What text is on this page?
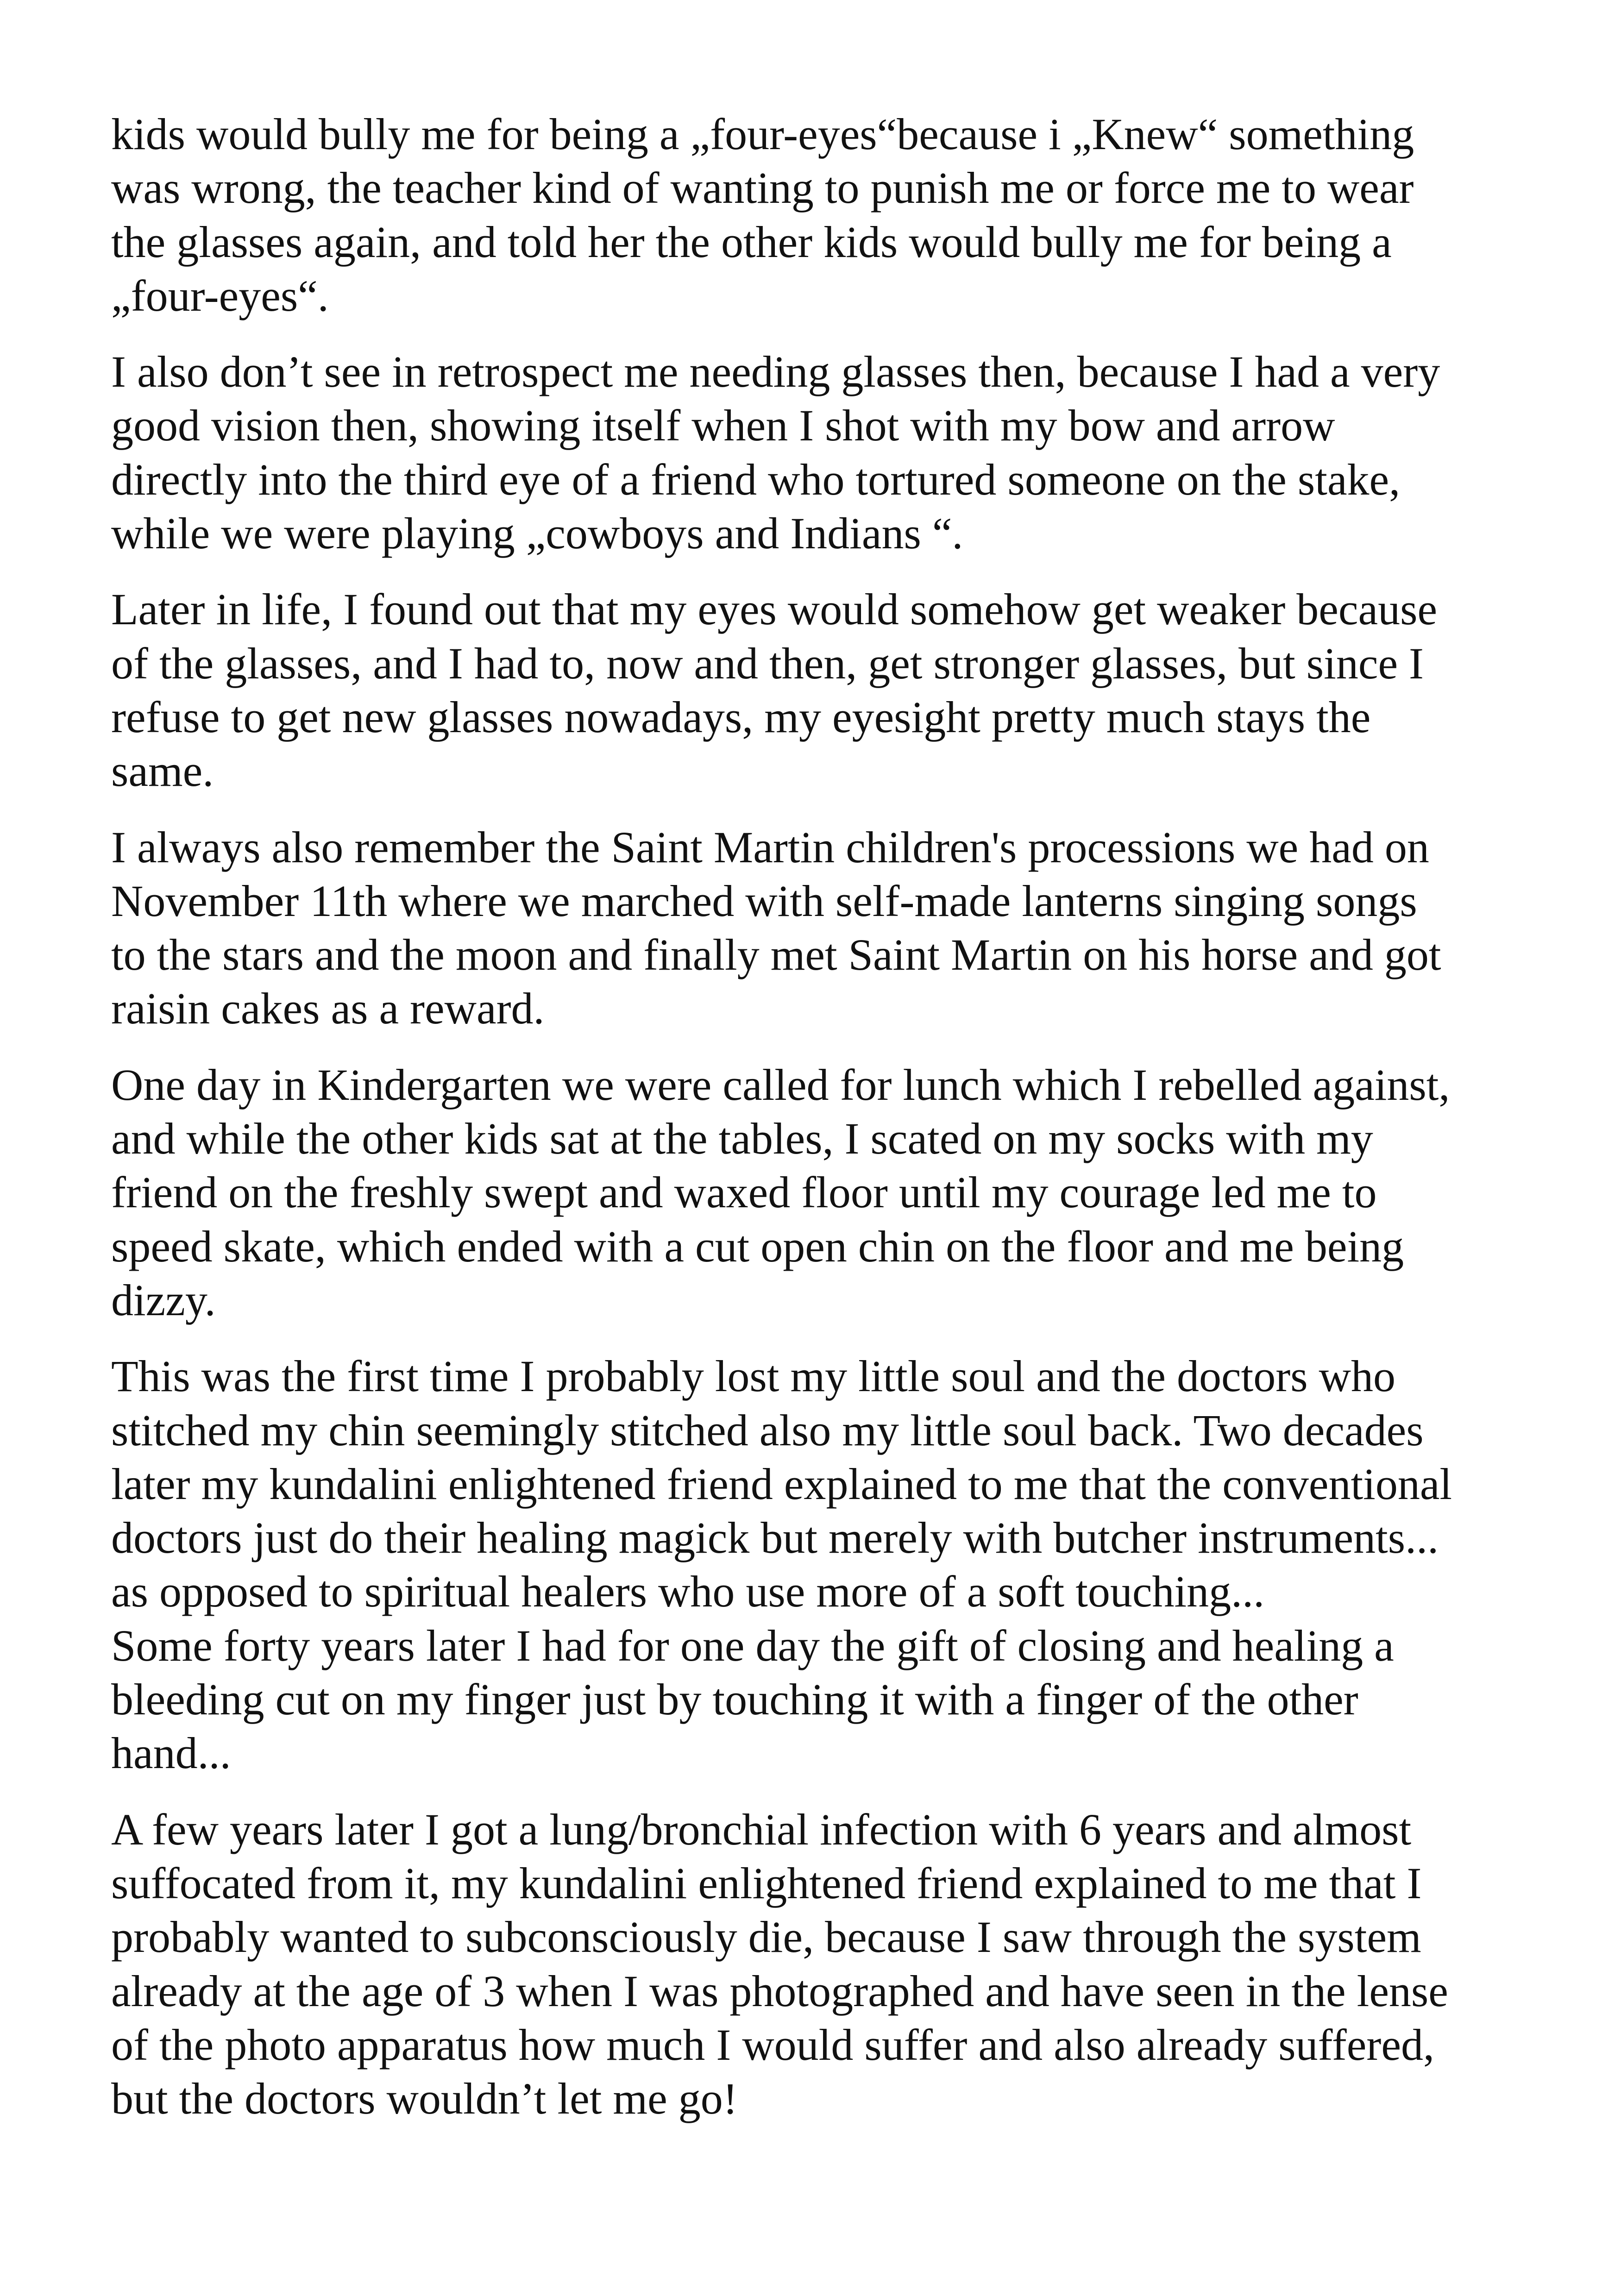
kids would bully me for being a „four-eyes“because i „Knew“ something
was wrong, the teacher kind of wanting to punish me or force me to wear
the glasses again, and told her the other kids would bully me for being a
„four-eyes“.

I also don’t see in retrospect me needing glasses then, because I had a very
good vision then, showing itself when I shot with my bow and arrow
directly into the third eye of a friend who tortured someone on the stake,
while we were playing „cowboys and Indians “.

Later in life, I found out that my eyes would somehow get weaker because
of the glasses, and I had to, now and then, get stronger glasses, but since I
refuse to get new glasses nowadays, my eyesight pretty much stays the
same.

I always also remember the Saint Martin children's processions we had on
November 11th where we marched with self-made lanterns singing songs
to the stars and the moon and finally met Saint Martin on his horse and got
raisin cakes as a reward.

One day in Kindergarten we were called for lunch which I rebelled against,
and while the other kids sat at the tables, I scated on my socks with my
friend on the freshly swept and waxed floor until my courage led me to
speed skate, which ended with a cut open chin on the floor and me being
dizzy.

This was the first time I probably lost my little soul and the doctors who
stitched my chin seemingly stitched also my little soul back. Two decades
later my kundalini enlightened friend explained to me that the conventional
doctors just do their healing magick but merely with butcher instruments...
as opposed to spiritual healers who use more of a soft touching...
Some forty years later I had for one day the gift of closing and healing a
bleeding cut on my finger just by touching it with a finger of the other
hand...

A few years later I got a lung/bronchial infection with 6 years and almost
suffocated from it, my kundalini enlightened friend explained to me that I
probably wanted to subconsciously die, because I saw through the system
already at the age of 3 when I was photographed and have seen in the lense
of the photo apparatus how much I would suffer and also already suffered,
but the doctors wouldn’t let me go!
